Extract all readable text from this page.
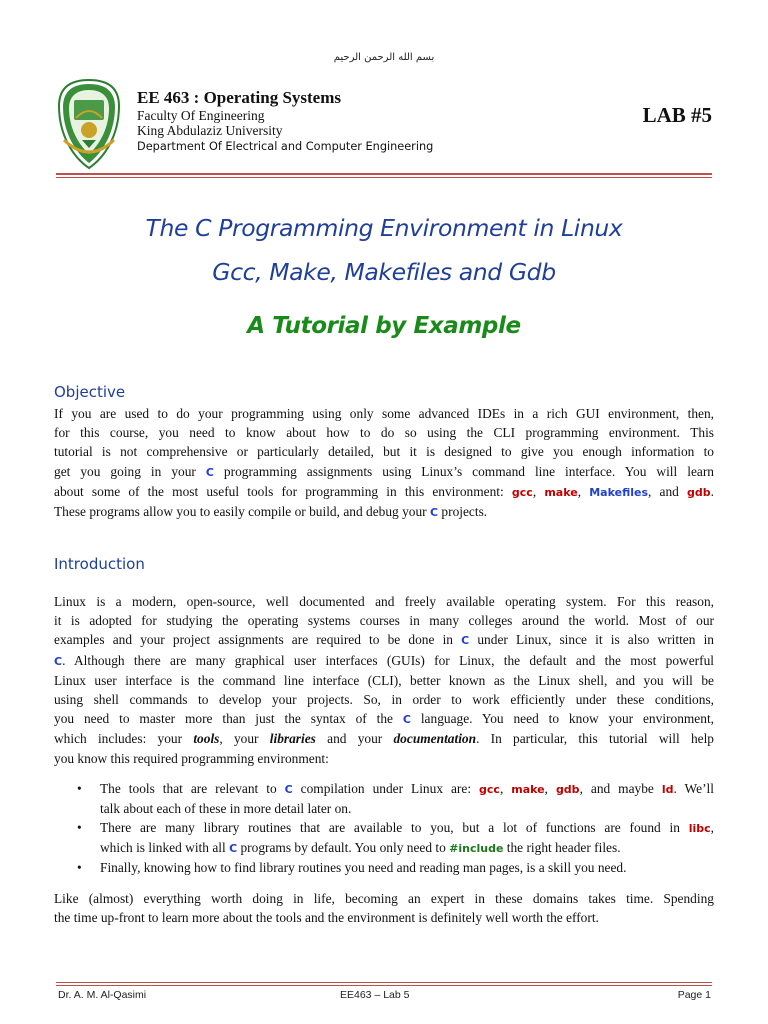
بسم الله الرحمن الرحيم
EE 463 : Operating Systems
Faculty Of Engineering
King Abdulaziz University
Department Of Electrical and Computer Engineering
LAB #5
The C Programming Environment in Linux
Gcc, Make, Makefiles and Gdb
A Tutorial by Example
Objective
If you are used to do your programming using only some advanced IDEs in a rich GUI environment, then,
for this course, you need to know about how to do so using the CLI programming environment. This
tutorial is not comprehensive or particularly detailed, but it is designed to give you enough information to
get you going in your C programming assignments using Linux’s command line interface. You will learn
about some of the most useful tools for programming in this environment: gcc, make, Makefiles, and gdb.
These programs allow you to easily compile or build, and debug your C projects.
Introduction
Linux is a modern, open-source, well documented and freely available operating system. For this reason,
it is adopted for studying the operating systems courses in many colleges around the world. Most of our
examples and your project assignments are required to be done in C under Linux, since it is also written in
C. Although there are many graphical user interfaces (GUIs) for Linux, the default and the most powerful
Linux user interface is the command line interface (CLI), better known as the Linux shell, and you will be
using shell commands to develop your projects. So, in order to work efficiently under these conditions,
you need to master more than just the syntax of the C language. You need to know your environment,
which includes: your tools, your libraries and your documentation. In particular, this tutorial will help
you know this required programming environment:
• The tools that are relevant to C compilation under Linux are: gcc, make, gdb, and maybe ld. We’ll
talk about each of these in more detail later on.
• There are many library routines that are available to you, but a lot of functions are found in libc,
which is linked with all C programs by default. You only need to #include the right header files.
• Finally, knowing how to find library routines you need and reading man pages, is a skill you need.
Like (almost) everything worth doing in life, becoming an expert in these domains takes time. Spending
the time up-front to learn more about the tools and the environment is definitely well worth the effort.
Dr. A. M. Al-Qasimi	EE463 – Lab 5	Page 1
